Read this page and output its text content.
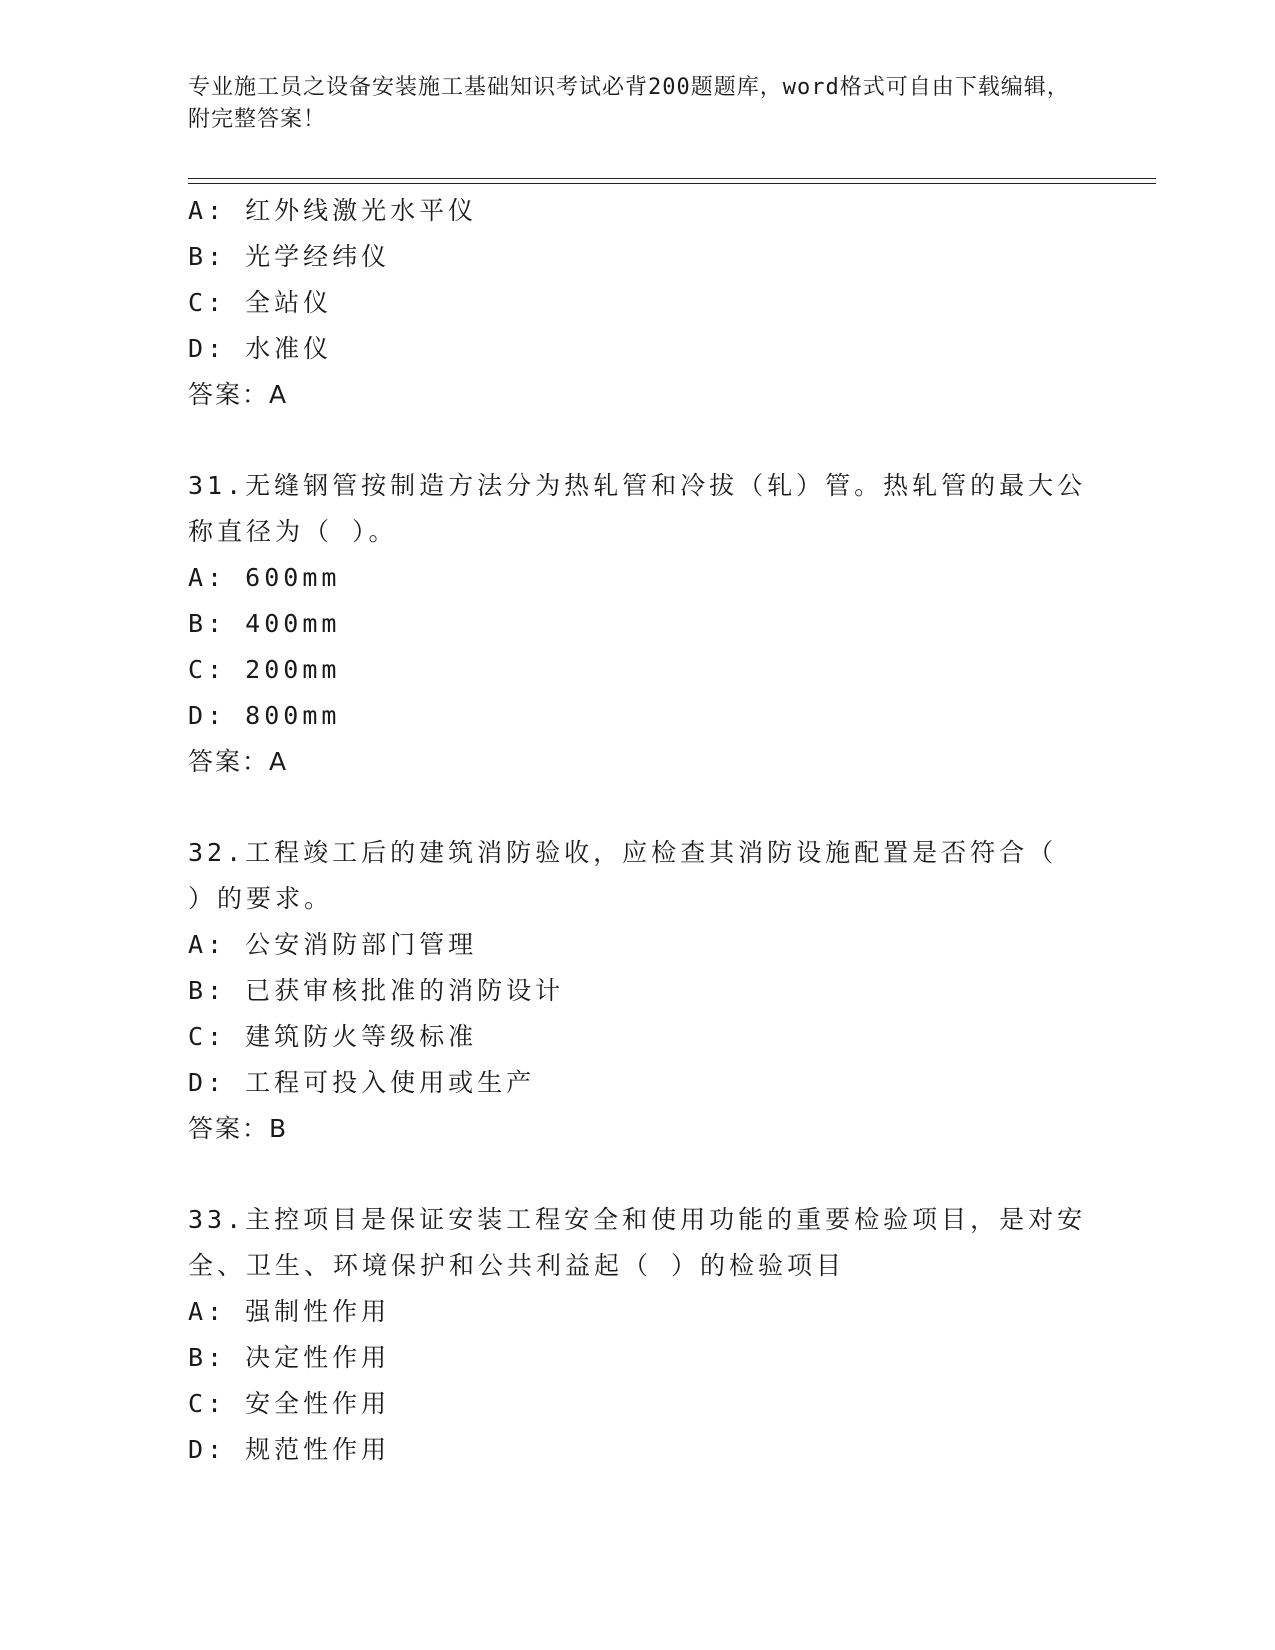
专业施工员之设备安装施工基础知识考试必背200题题库，word格式可自由下载编辑，附完整答案！
A: 红外线激光水平仪
B: 光学经纬仪
C: 全站仪
D: 水准仪
答案：A
31.无缝钢管按制造方法分为热轧管和冷拔（轧）管。热轧管的最大公称直径为（ ）。
A: 600mm
B: 400mm
C: 200mm
D: 800mm
答案：A
32.工程竣工后的建筑消防验收，应检查其消防设施配置是否符合（ ）的要求。
A: 公安消防部门管理
B: 已获审核批准的消防设计
C: 建筑防火等级标准
D: 工程可投入使用或生产
答案：B
33.主控项目是保证安装工程安全和使用功能的重要检验项目，是对安全、卫生、环境保护和公共利益起（ ）的检验项目
A: 强制性作用
B: 决定性作用
C: 安全性作用
D: 规范性作用
